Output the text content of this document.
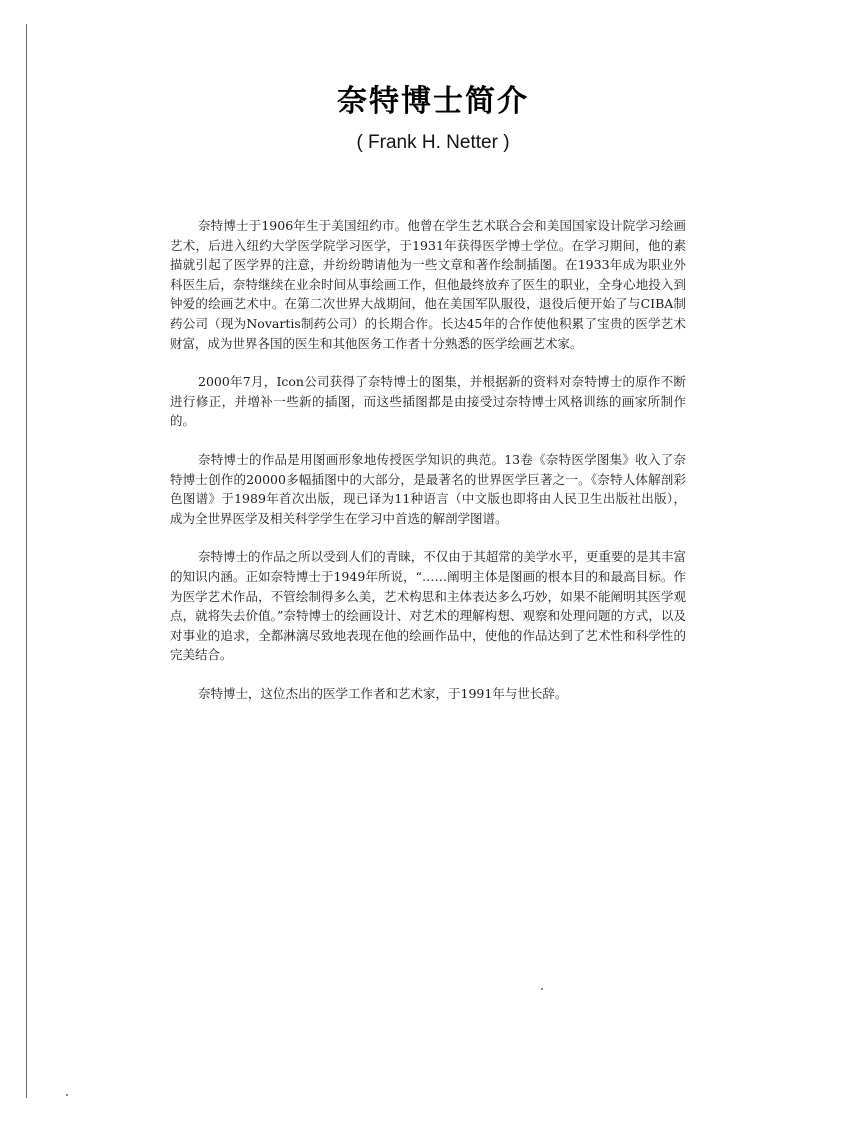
奈特博士简介

( Frank H. Netter )

奈特博士于1906年生于美国纽约市。他曾在学生艺术联合会和美国国家设计院学习绘画艺术，后进入纽约大学医学院学习医学，于1931年获得医学博士学位。在学习期间，他的素描就引起了医学界的注意，并纷纷聘请他为一些文章和著作绘制插图。在1933年成为职业外科医生后，奈特继续在业余时间从事绘画工作，但他最终放弃了医生的职业，全身心地投入到钟爱的绘画艺术中。在第二次世界大战期间，他在美国军队服役，退役后便开始了与CIBA制药公司（现为Novartis制药公司）的长期合作。长达45年的合作使他积累了宝贵的医学艺术财富，成为世界各国的医生和其他医务工作者十分熟悉的医学绘画艺术家。

2000年7月，Icon公司获得了奈特博士的图集，并根据新的资料对奈特博士的原作不断进行修正，并增补一些新的插图，而这些插图都是由接受过奈特博士风格训练的画家所制作的。

奈特博士的作品是用图画形象地传授医学知识的典范。13卷《奈特医学图集》收入了奈特博士创作的20000多幅插图中的大部分，是最著名的世界医学巨著之一。《奈特人体解剖彩色图谱》于1989年首次出版，现已译为11种语言（中文版也即将由人民卫生出版社出版），成为全世界医学及相关科学学生在学习中首选的解剖学图谱。

奈特博士的作品之所以受到人们的青睐，不仅由于其超常的美学水平，更重要的是其丰富的知识内涵。正如奈特博士于1949年所说，“……阐明主体是图画的根本目的和最高目标。作为医学艺术作品，不管绘制得多么美，艺术构思和主体表达多么巧妙，如果不能阐明其医学观点，就将失去价值。”奈特博士的绘画设计、对艺术的理解构想、观察和处理问题的方式，以及对事业的追求，全都淋漓尽致地表现在他的绘画作品中，使他的作品达到了艺术性和科学性的完美结合。

奈特博士，这位杰出的医学工作者和艺术家，于1991年与世长辞。
